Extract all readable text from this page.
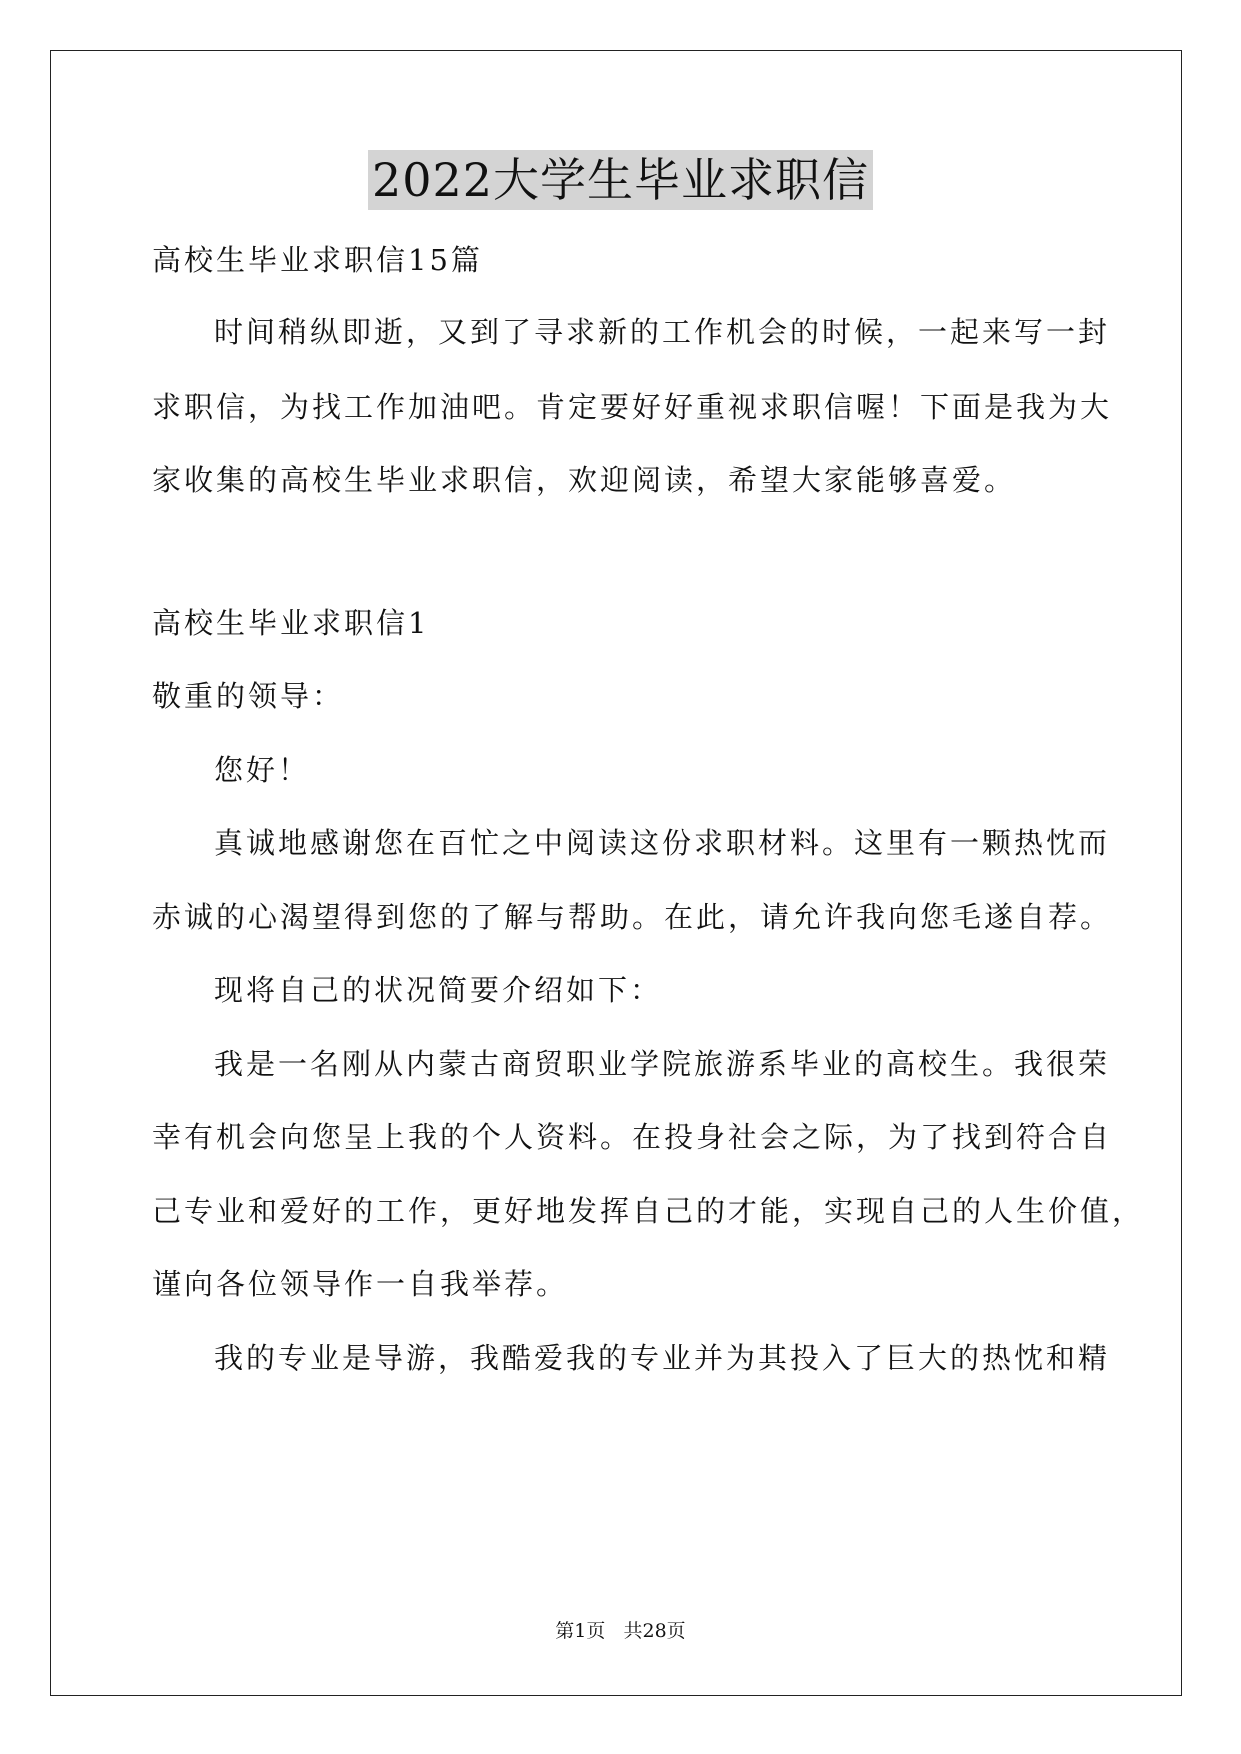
2022大学生毕业求职信
高校生毕业求职信15篇
时间稍纵即逝，又到了寻求新的工作机会的时候，一起来写一封
求职信，为找工作加油吧。肯定要好好重视求职信喔！下面是我为大
家收集的高校生毕业求职信，欢迎阅读，希望大家能够喜爱。
高校生毕业求职信1
敬重的领导：
您好！
真诚地感谢您在百忙之中阅读这份求职材料。这里有一颗热忱而
赤诚的心渴望得到您的了解与帮助。在此，请允许我向您毛遂自荐。
现将自己的状况简要介绍如下：
我是一名刚从内蒙古商贸职业学院旅游系毕业的高校生。我很荣
幸有机会向您呈上我的个人资料。在投身社会之际，为了找到符合自
己专业和爱好的工作，更好地发挥自己的才能，实现自己的人生价值，
谨向各位领导作一自我举荐。
我的专业是导游，我酷爱我的专业并为其投入了巨大的热忱和精
第1页   共28页
